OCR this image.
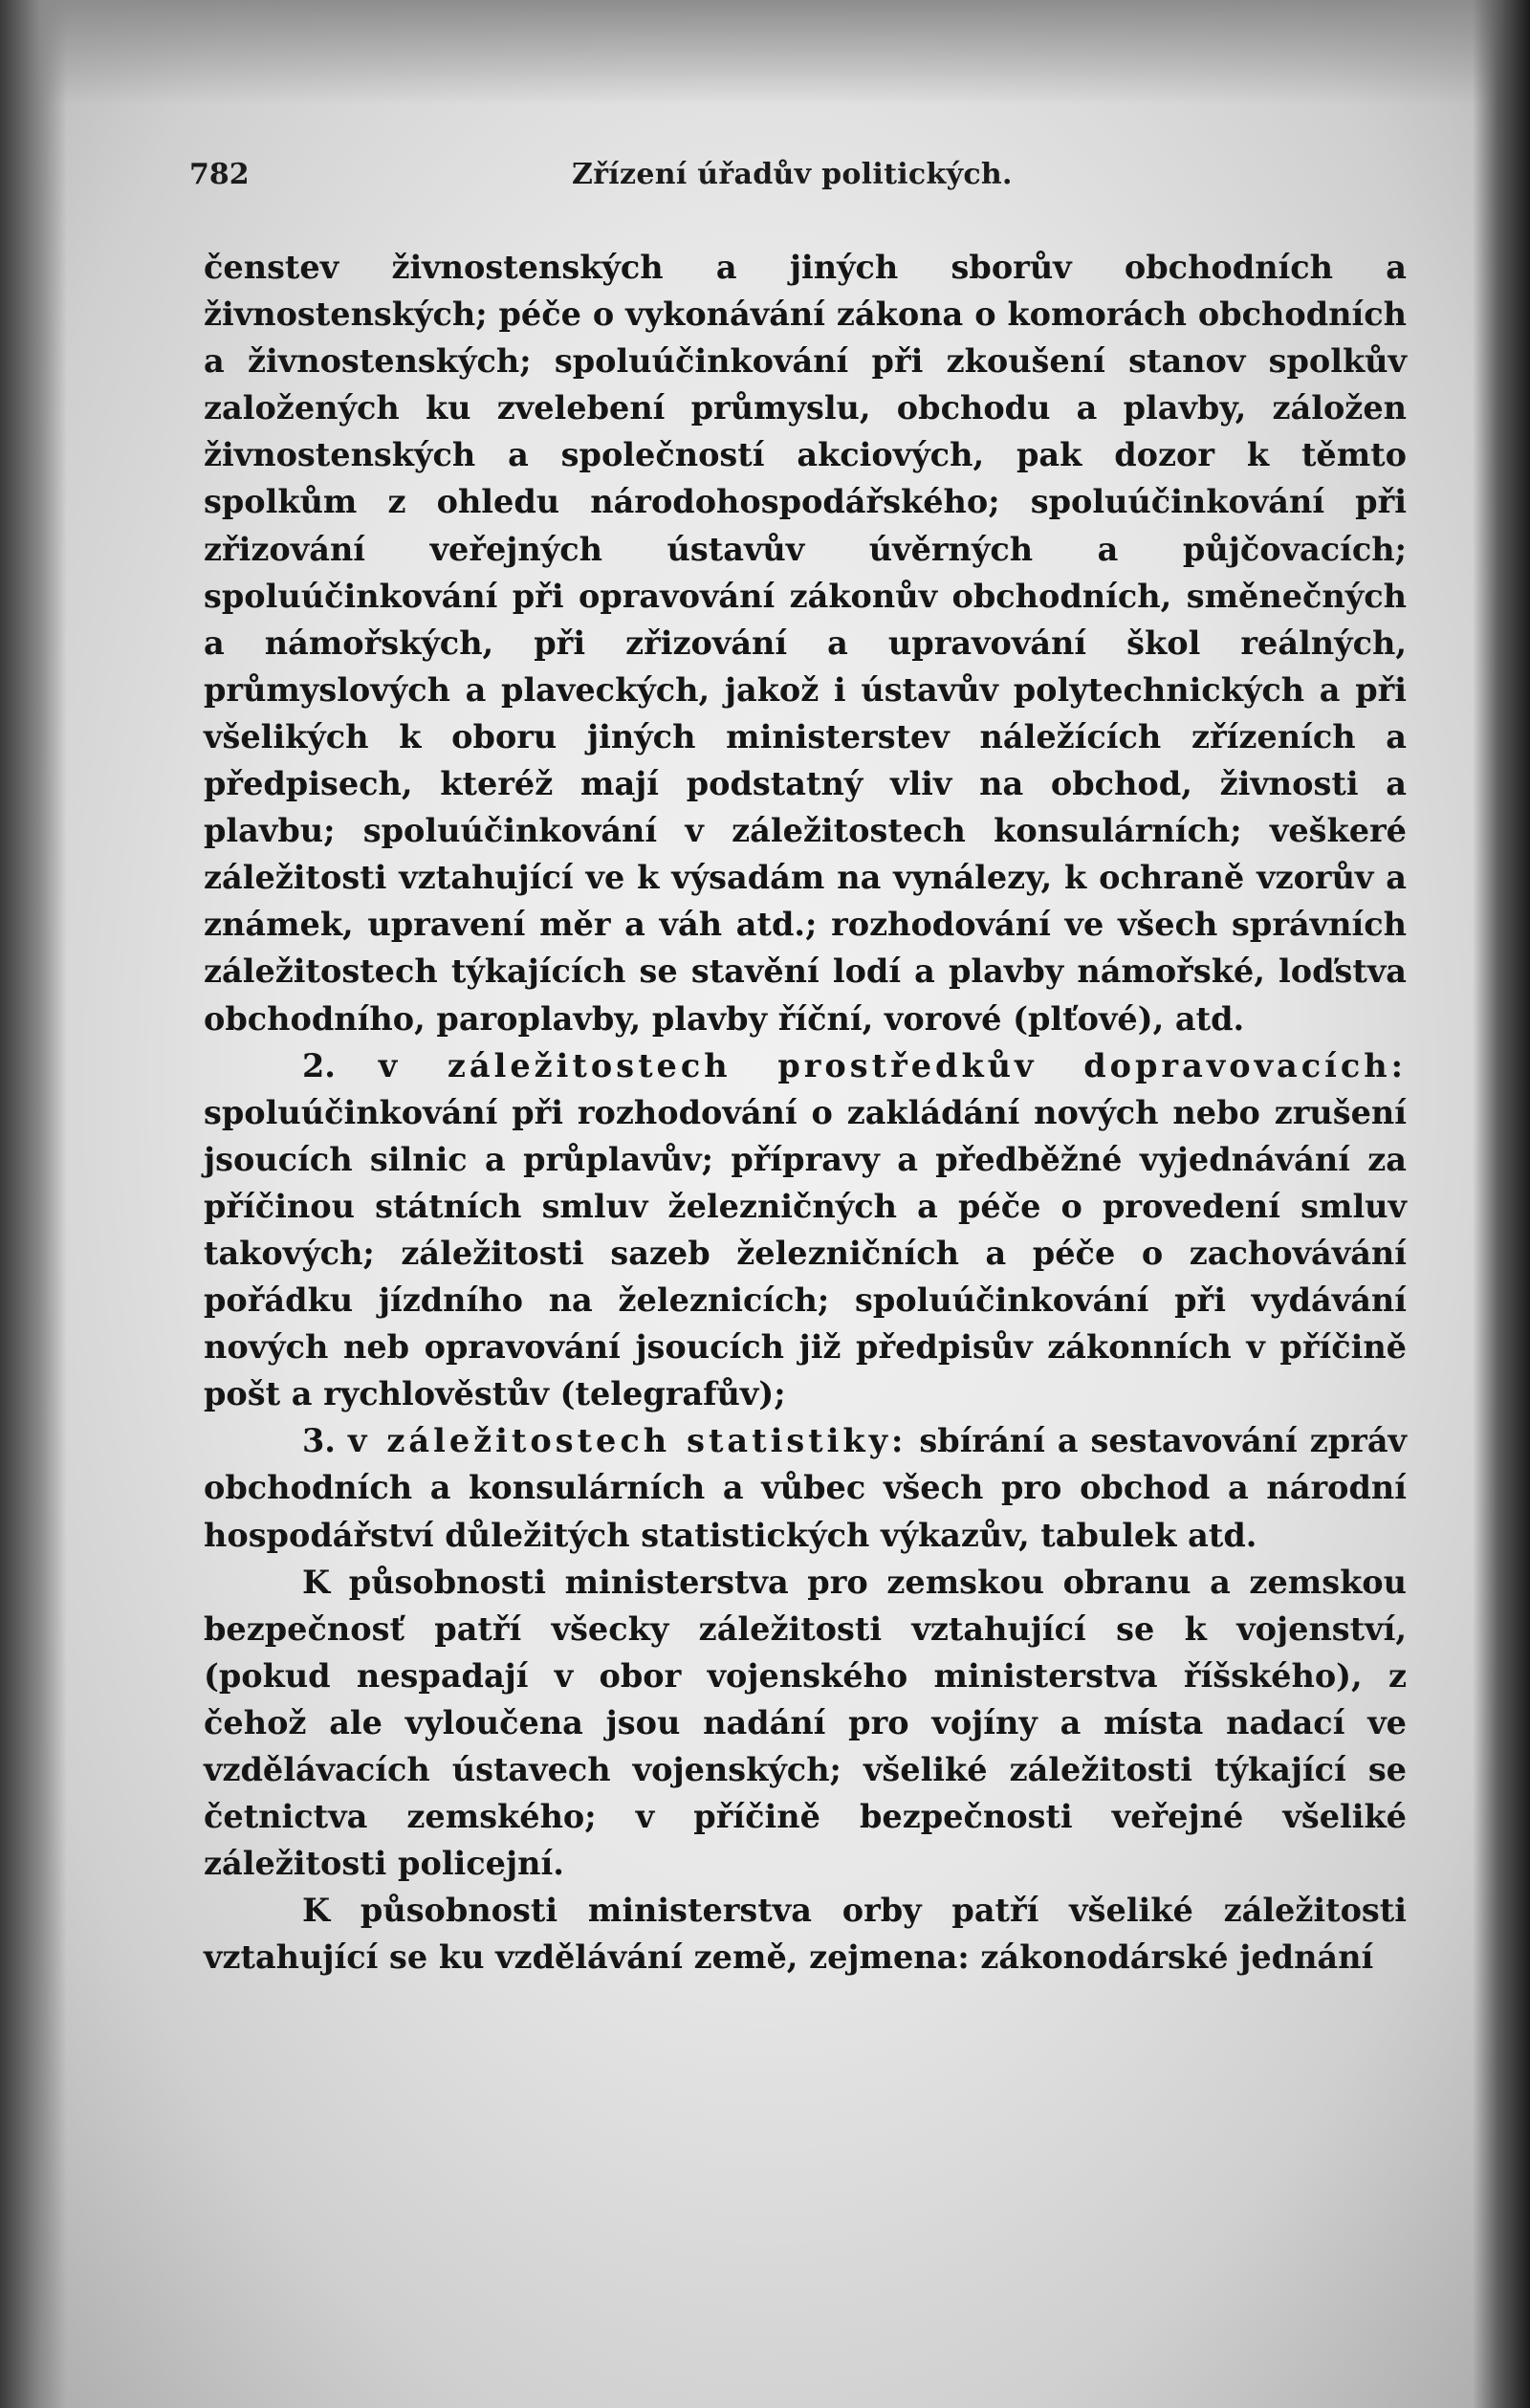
782	Zřízení úřadův politických.

čenstev živnostenských a jiných sborův obchodních a živnostenských; péče o vykonávání zákona o komorách obchodních a živnostenských; spoluúčinkování při zkoušení stanov spolkův založených ku zvelebení průmyslu, obchodu a plavby, záložen živnostenských a společností akciových, pak dozor k těmto spolkům z ohledu národohospodářského; spoluúčinkování při zřizování veřejných ústavův úvěrných a půjčovacích; spoluúčinkování při opravování zákonův obchodních, směnečných a námořských, při zřizování a upravování škol reálných, průmyslových a plaveckých, jakož i ústavův polytechnických a při všelikých k oboru jiných ministerstev náležících zřízeních a předpisech, kteréž mají podstatný vliv na obchod, živnosti a plavbu; spoluúčinkování v záležitostech konsulárních; veškeré záležitosti vztahující ve k výsadám na vynálezy, k ochraně vzorův a známek, upravení měr a váh atd.; rozhodování ve všech správních záležitostech týkajících se stavění lodí a plavby námořské, loďstva obchodního, paroplavby, plavby říční, vorové (plťové), atd.

2. v záležitostech prostředkův dopravovacích: spoluúčinkování při rozhodování o zakládání nových nebo zrušení jsoucích silnic a průplavův; přípravy a předběžné vyjednávání za příčinou státních smluv železničných a péče o provedení smluv takových; záležitosti sazeb železničních a péče o zachovávání pořádku jízdního na železnicích; spoluúčinkování při vydávání nových neb opravování jsoucích již předpisův zákonních v příčině pošt a rychlověstův (telegrafův);

3. v záležitostech statistiky: sbírání a sestavování zpráv obchodních a konsulárních a vůbec všech pro obchod a národní hospodářství důležitých statistických výkazův, tabulek atd.

K působnosti ministerstva pro zemskou obranu a zemskou bezpečnosť patří všecky záležitosti vztahující se k vojenství, (pokud nespadají v obor vojenského ministerstva říšského), z čehož ale vyloučena jsou nadání pro vojíny a místa nadací ve vzdělávacích ústavech vojenských; všeliké záležitosti týkající se četnictva zemského; v příčině bezpečnosti veřejné všeliké záležitosti policejní.

K působnosti ministerstva orby patří všeliké záležitosti vztahující se ku vzdělávání země, zejmena: zákonodárské jednání
